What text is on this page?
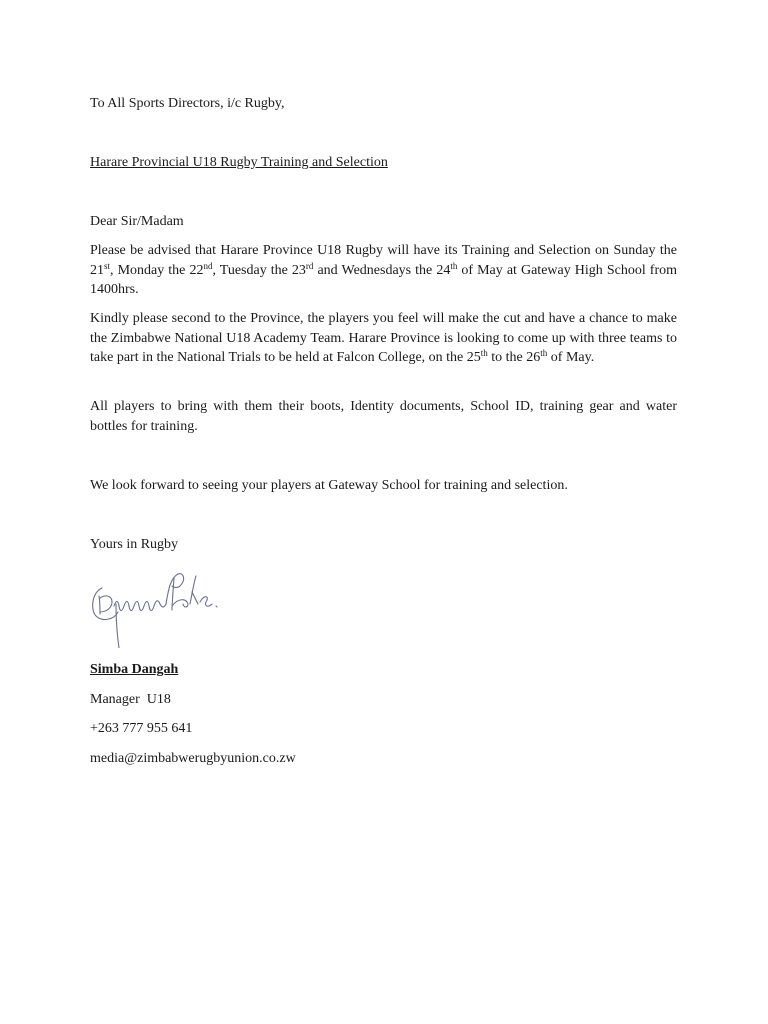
To All Sports Directors, i/c Rugby,
Harare Provincial U18 Rugby Training and Selection
Dear Sir/Madam
Please be advised that Harare Province U18 Rugby will have its Training and Selection on Sunday the 21st, Monday the 22nd, Tuesday the 23rd and Wednesdays the 24th of May at Gateway High School from 1400hrs.
Kindly please second to the Province, the players you feel will make the cut and have a chance to make the Zimbabwe National U18 Academy Team. Harare Province is looking to come up with three teams to take part in the National Trials to be held at Falcon College, on the 25th to the 26th of May.
All players to bring with them their boots, Identity documents, School ID, training gear and water bottles for training.
We look forward to seeing your players at Gateway School for training and selection.
Yours in Rugby
Simba Dangah
Manager  U18
+263 777 955 641
media@zimbabwerugbyunion.co.zw
